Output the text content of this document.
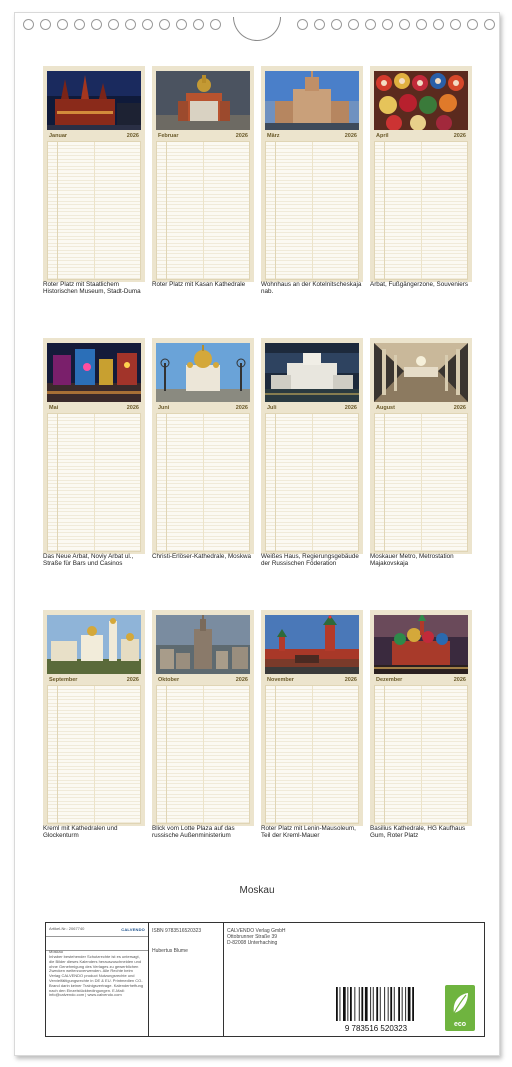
Januar	2026
Roter Platz mit Staatlichem Historischen Museum, Stadt-Duma
Februar	2026
Roter Platz mit Kasan Kathedrale
März	2026
Wohnhaus an der Kotelnitscheskaja nab.
April	2026
Arbat, Fußgängerzone, Souveniers
Mai	2026
Das Neue Arbat, Noviy Arbat ul., Straße für Bars und Casinos
Juni	2026
Christi-Erlöser-Kathedrale, Moskwa
Juli	2026
Weißes Haus, Regierungsgebäude der Russischen Föderation
August	2026
Moskauer Metro, Metrostation Majakovskaja
September	2026
Kreml mit Kathedralen und Glockenturm
Oktober	2026
Blick vom Lotte Plaza auf das russische Außenministerium
November	2026
Roter Platz mit Lenin-Mausoleum, Teil der Kreml-Mauer
Dezember	2026
Basilius Kathedrale, HG Kaufhaus Gum, Roter Platz
Moskau
Artikel-Nr.: 2067740	CALVENDO
Moskau
Inhaber bestehender Schutzrechte ist es untersagt, die Bilder dieses Kalenders herauszuschneiden und ohne Genehmigung des Verlages zu gewerblichen Zwecken weiterzuverwenden. Alle Rechte beim Verlag CALVENDO product Nutzungsrechte und Vervielfältigungsrechte in DE & EU. Printmedien CO-Brand darin keiner Trainigsvertrage. Kalenderheftung nach den Einzelstückbedingungen. E-Mail: info@calvendo.com | www.calvendo.com
ISBN 9783516520323
Hubertus Blume
CALVENDO Verlag GmbH
Ottobrunner Straße 39
D-82008 Unterhaching
9 783516 520323	eco
